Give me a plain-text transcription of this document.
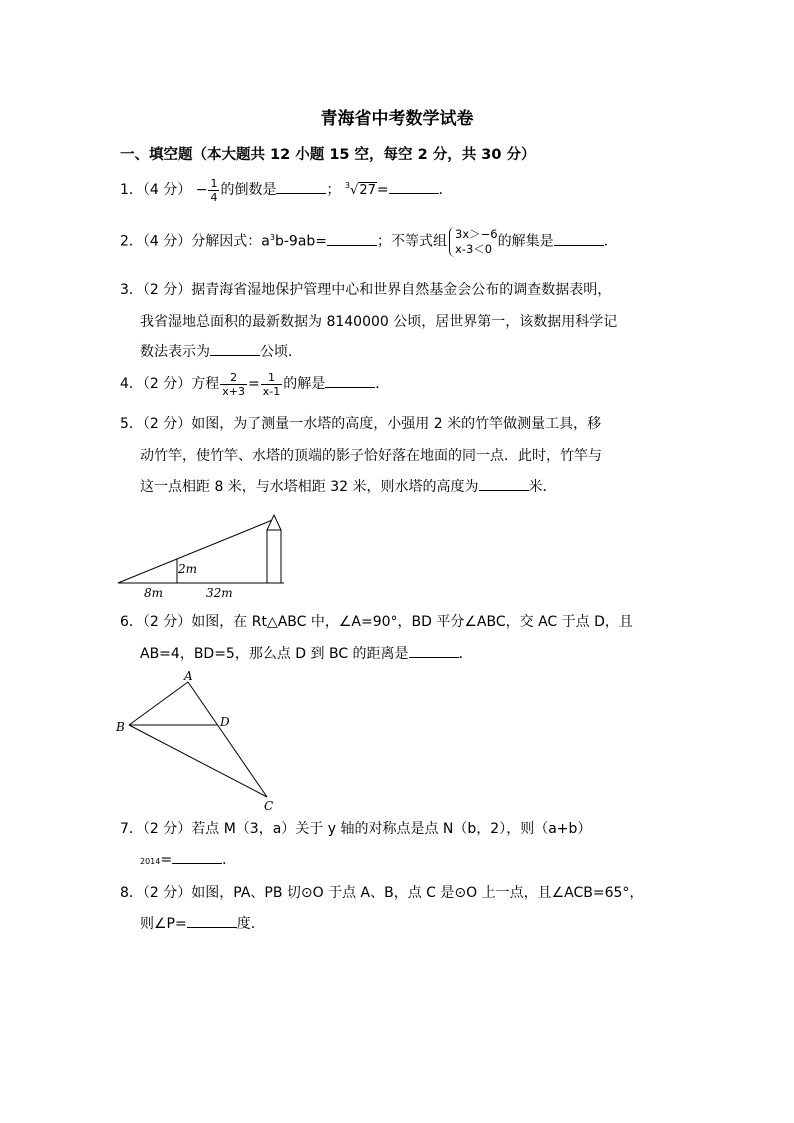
青海省中考数学试卷
一、填空题（本大题共 12 小题 15 空，每空 2 分，共 30 分）
1．（4 分） − $\frac{1}{4}$ 的倒数是	； $^3$√27=	．
2．（4 分）分解因式：$a^3b-9ab=$	；不等式组 3x＞−6
x-3＜0 的解集是	．
3．（2 分）据青海省湿地保护管理中心和世界自然基金会公布的调查数据表明，
我省湿地总面积的最新数据为 8140000 公顷，居世界第一，该数据用科学记
数法表示为	公顷．
4．（2 分）方程 $\frac{2}{x+3} = \frac{1}{x-1}$ 的解是	．
5．（2 分）如图，为了测量一水塔的高度，小强用 2 米的竹竿做测量工具，移
动竹竿，使竹竿、水塔的顶端的影子恰好落在地面的同一点．此时，竹竿与
这一点相距 8 米，与水塔相距 32 米，则水塔的高度为	米．
2m
8m	32m
6．（2 分）如图，在 Rt△ABC 中，∠A=90°，BD 平分∠ABC，交 AC 于点 D，且
AB=4，BD=5，那么点 D 到 BC 的距离是	．
A
B	D
C
7．（2 分）若点 M（3，a）关于 y 轴的对称点是点 N（b，2），则（a+b）
2014=	．
8．（2 分）如图，PA、PB 切⊙O 于点 A、B，点 C 是⊙O 上一点，且∠ACB=65°，
则∠P=	度．
